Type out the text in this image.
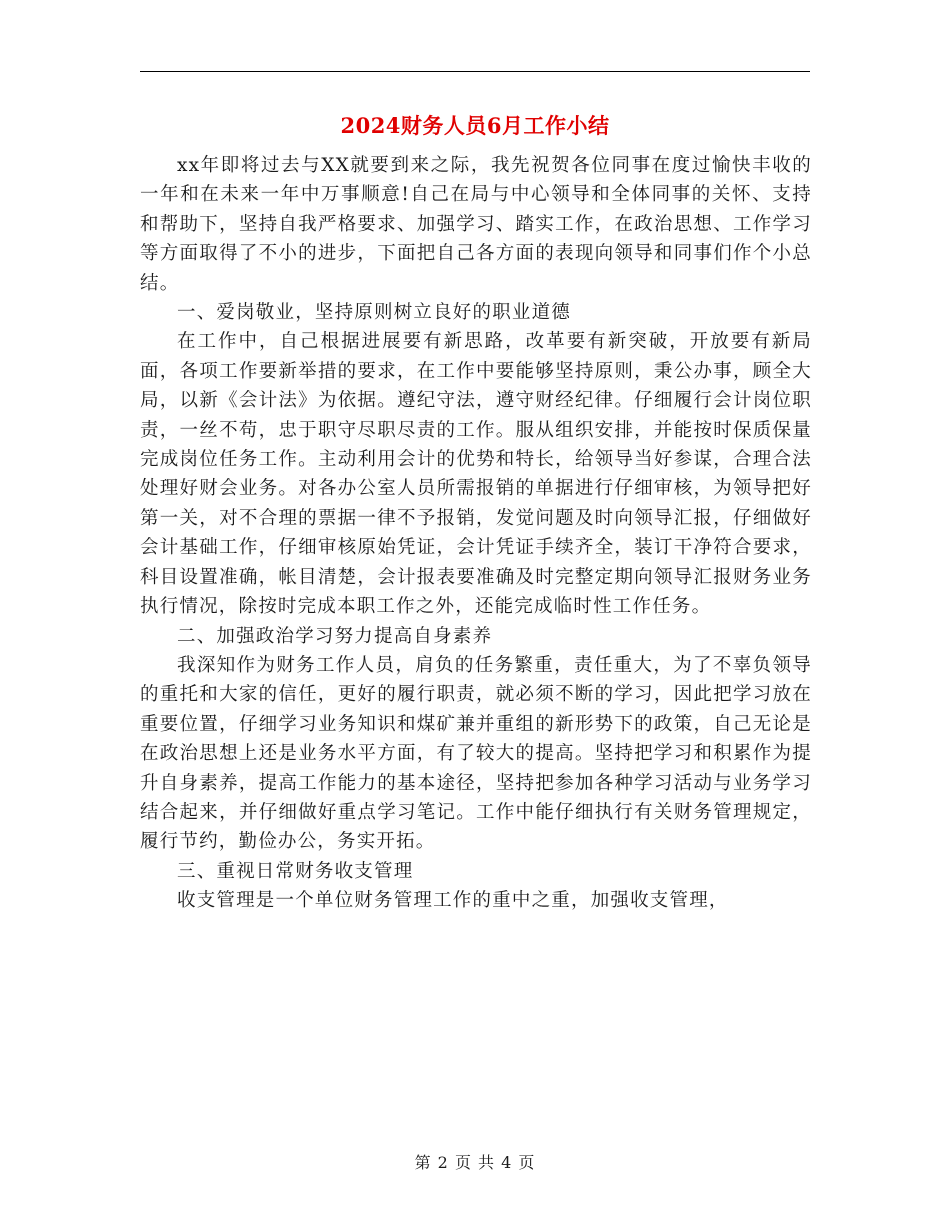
2024财务人员6月工作小结

xx年即将过去与XX就要到来之际，我先祝贺各位同事在度过愉快丰收的一年和在未来一年中万事顺意!自己在局与中心领导和全体同事的关怀、支持和帮助下，坚持自我严格要求、加强学习、踏实工作，在政治思想、工作学习等方面取得了不小的进步，下面把自己各方面的表现向领导和同事们作个小总结。

一、爱岗敬业，坚持原则树立良好的职业道德

在工作中，自己根据进展要有新思路，改革要有新突破，开放要有新局面，各项工作要新举措的要求，在工作中要能够坚持原则，秉公办事，顾全大局，以新《会计法》为依据。遵纪守法，遵守财经纪律。仔细履行会计岗位职责，一丝不苟，忠于职守尽职尽责的工作。服从组织安排，并能按时保质保量完成岗位任务工作。主动利用会计的优势和特长，给领导当好参谋，合理合法处理好财会业务。对各办公室人员所需报销的单据进行仔细审核，为领导把好第一关，对不合理的票据一律不予报销，发觉问题及时向领导汇报，仔细做好会计基础工作，仔细审核原始凭证，会计凭证手续齐全，装订干净符合要求，科目设置准确，帐目清楚，会计报表要准确及时完整定期向领导汇报财务业务执行情况，除按时完成本职工作之外，还能完成临时性工作任务。

二、加强政治学习努力提高自身素养

我深知作为财务工作人员，肩负的任务繁重，责任重大，为了不辜负领导的重托和大家的信任，更好的履行职责，就必须不断的学习，因此把学习放在重要位置，仔细学习业务知识和煤矿兼并重组的新形势下的政策，自己无论是在政治思想上还是业务水平方面，有了较大的提高。坚持把学习和积累作为提升自身素养，提高工作能力的基本途径，坚持把参加各种学习活动与业务学习结合起来，并仔细做好重点学习笔记。工作中能仔细执行有关财务管理规定，履行节约，勤俭办公，务实开拓。

三、重视日常财务收支管理

收支管理是一个单位财务管理工作的重中之重，加强收支管理，

第 2 页 共 4 页
